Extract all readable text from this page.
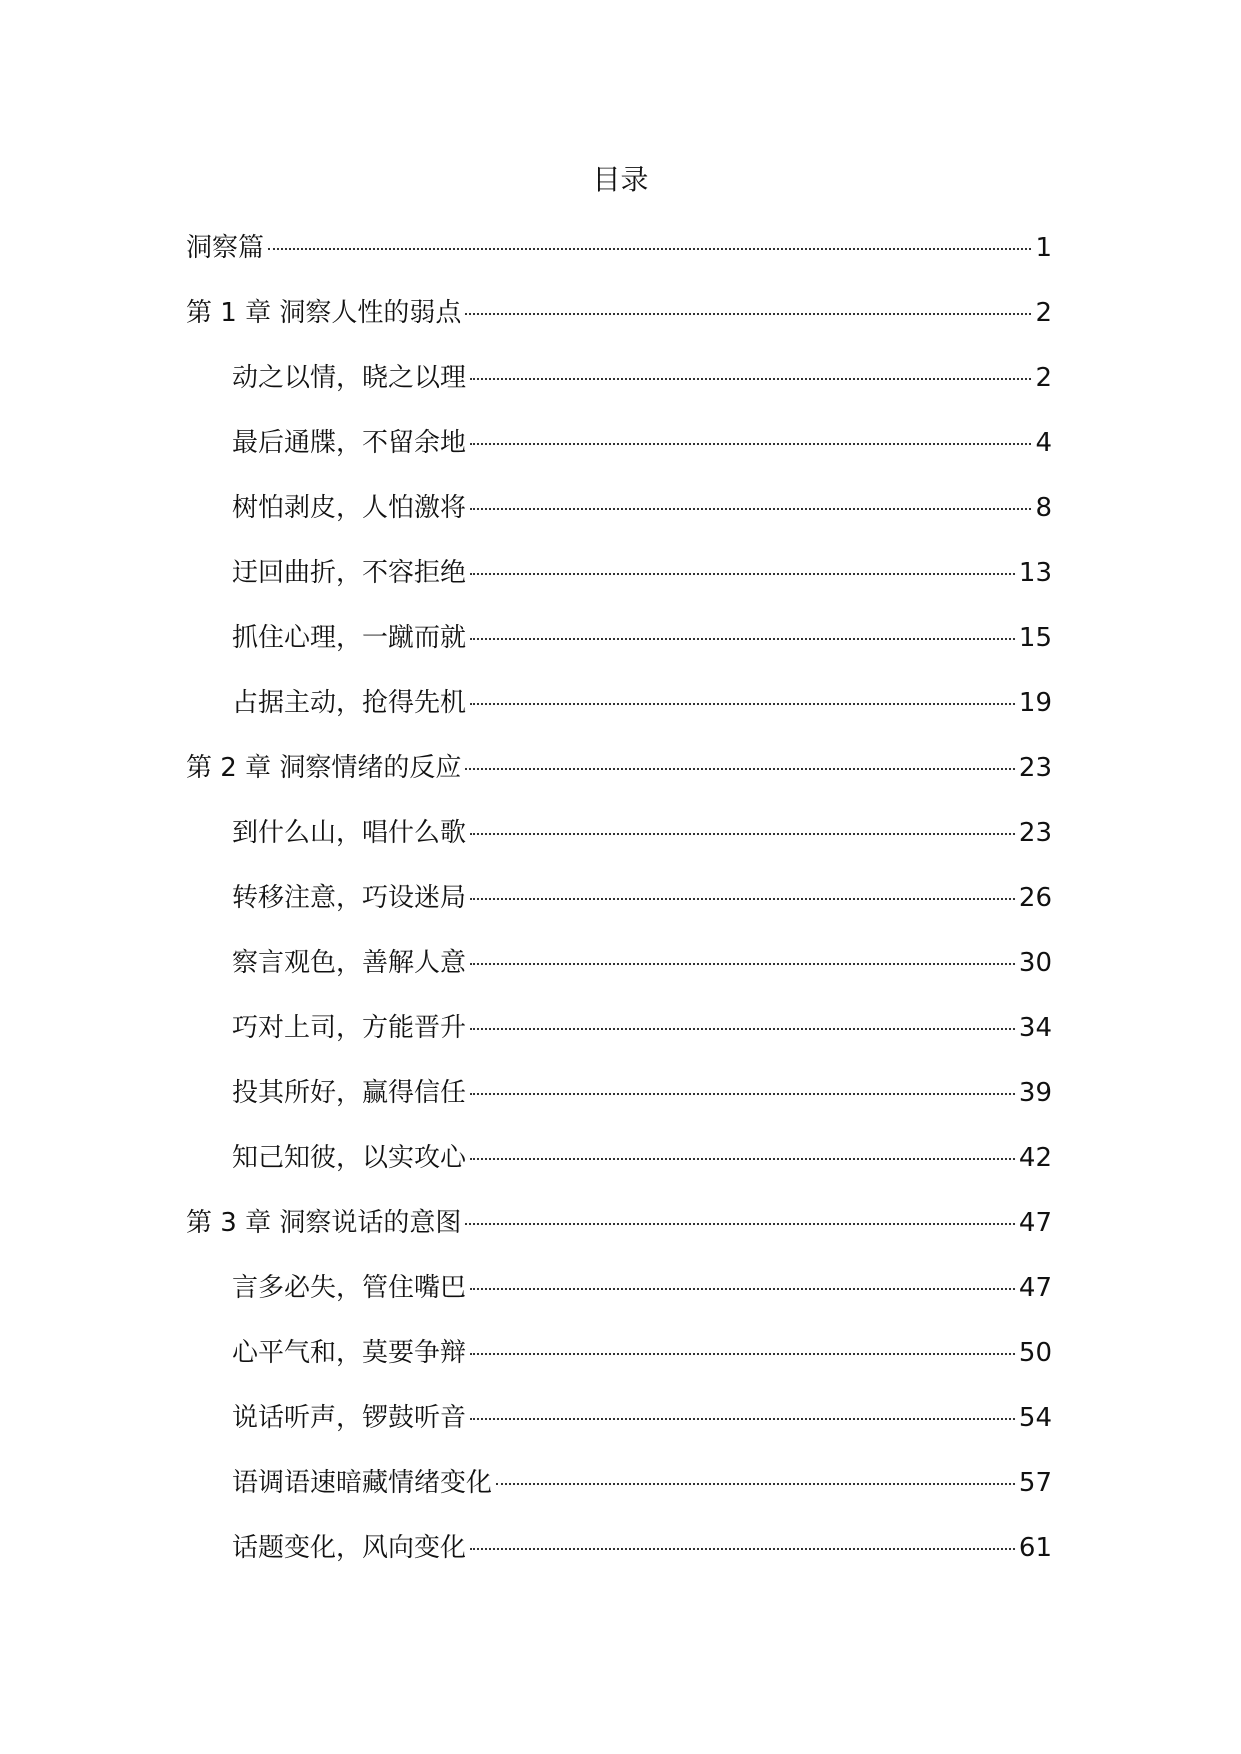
目录
洞察篇	1
第 1 章 洞察人性的弱点	2
动之以情，晓之以理	2
最后通牒，不留余地	4
树怕剥皮，人怕激将	8
迂回曲折，不容拒绝	13
抓住心理，一蹴而就	15
占据主动，抢得先机	19
第 2 章 洞察情绪的反应	23
到什么山，唱什么歌	23
转移注意，巧设迷局	26
察言观色，善解人意	30
巧对上司，方能晋升	34
投其所好，赢得信任	39
知己知彼，以实攻心	42
第 3 章 洞察说话的意图	47
言多必失，管住嘴巴	47
心平气和，莫要争辩	50
说话听声，锣鼓听音	54
语调语速暗藏情绪变化	57
话题变化，风向变化	61
